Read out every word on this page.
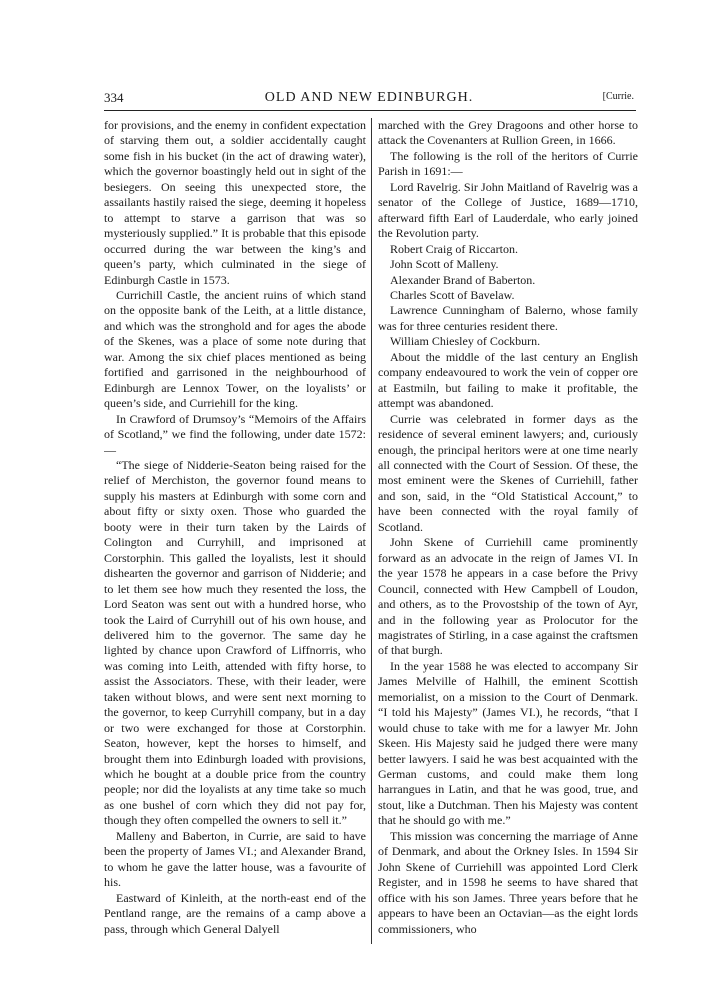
OLD AND NEW EDINBURGH.
334	[Currie.

for provisions, and the enemy in confident expectation of starving them out, a soldier accidentally caught some fish in his bucket (in the act of drawing water), which the governor boastingly held out in sight of the besiegers. On seeing this unexpected store, the assailants hastily raised the siege, deeming it hopeless to attempt to starve a garrison that was so mysteriously supplied.” It is probable that this episode occurred during the war between the king’s and queen’s party, which culminated in the siege of Edinburgh Castle in 1573.

Currichill Castle, the ancient ruins of which stand on the opposite bank of the Leith, at a little distance, and which was the stronghold and for ages the abode of the Skenes, was a place of some note during that war. Among the six chief places mentioned as being fortified and garrisoned in the neighbourhood of Edinburgh are Lennox Tower, on the loyalists’ or queen’s side, and Curriehill for the king.

In Crawford of Drumsoy’s “Memoirs of the Affairs of Scotland,” we find the following, under date 1572:—

“The siege of Nidderie-Seaton being raised for the relief of Merchiston, the governor found means to supply his masters at Edinburgh with some corn and about fifty or sixty oxen. Those who guarded the booty were in their turn taken by the Lairds of Colington and Curryhill, and imprisoned at Corstorphin. This galled the loyalists, lest it should dishearten the governor and garrison of Nidderie; and to let them see how much they resented the loss, the Lord Seaton was sent out with a hundred horse, who took the Laird of Curryhill out of his own house, and delivered him to the governor. The same day he lighted by chance upon Crawford of Liffnorris, who was coming into Leith, attended with fifty horse, to assist the Associators. These, with their leader, were taken without blows, and were sent next morning to the governor, to keep Curryhill company, but in a day or two were exchanged for those at Corstorphin. Seaton, however, kept the horses to himself, and brought them into Edinburgh loaded with provisions, which he bought at a double price from the country people; nor did the loyalists at any time take so much as one bushel of corn which they did not pay for, though they often compelled the owners to sell it.”

Malleny and Baberton, in Currie, are said to have been the property of James VI.; and Alexander Brand, to whom he gave the latter house, was a favourite of his.

Eastward of Kinleith, at the north-east end of the Pentland range, are the remains of a camp above a pass, through which General Dalyell

marched with the Grey Dragoons and other horse to attack the Covenanters at Rullion Green, in 1666.

The following is the roll of the heritors of Currie Parish in 1691:—

Lord Ravelrig. Sir John Maitland of Ravelrig was a senator of the College of Justice, 1689—1710, afterward fifth Earl of Lauderdale, who early joined the Revolution party.

Robert Craig of Riccarton.

John Scott of Malleny.

Alexander Brand of Baberton.

Charles Scott of Bavelaw.

Lawrence Cunningham of Balerno, whose family was for three centuries resident there.

William Chiesley of Cockburn.

About the middle of the last century an English company endeavoured to work the vein of copper ore at Eastmiln, but failing to make it profitable, the attempt was abandoned.

Currie was celebrated in former days as the residence of several eminent lawyers; and, curiously enough, the principal heritors were at one time nearly all connected with the Court of Session. Of these, the most eminent were the Skenes of Curriehill, father and son, said, in the “Old Statistical Account,” to have been connected with the royal family of Scotland.

John Skene of Curriehill came prominently forward as an advocate in the reign of James VI. In the year 1578 he appears in a case before the Privy Council, connected with Hew Campbell of Loudon, and others, as to the Provostship of the town of Ayr, and in the following year as Prolocutor for the magistrates of Stirling, in a case against the craftsmen of that burgh.

In the year 1588 he was elected to accompany Sir James Melville of Halhill, the eminent Scottish memorialist, on a mission to the Court of Denmark. “I told his Majesty” (James VI.), he records, “that I would chuse to take with me for a lawyer Mr. John Skeen. His Majesty said he judged there were many better lawyers. I said he was best acquainted with the German customs, and could make them long harrangues in Latin, and that he was good, true, and stout, like a Dutchman. Then his Majesty was content that he should go with me.”

This mission was concerning the marriage of Anne of Denmark, and about the Orkney Isles. In 1594 Sir John Skene of Curriehill was appointed Lord Clerk Register, and in 1598 he seems to have shared that office with his son James. Three years before that he appears to have been an Octavian—as the eight lords commissioners, who
